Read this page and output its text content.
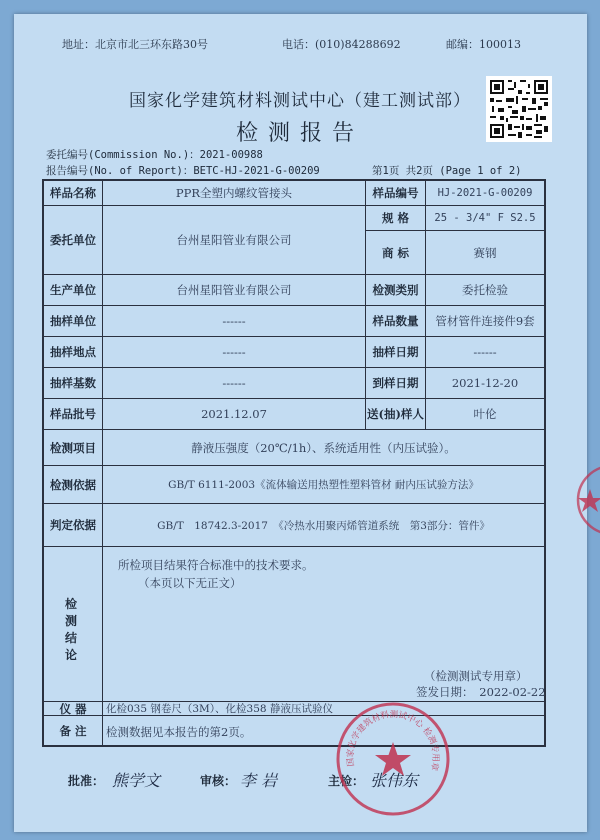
地址：北京市北三环东路30号	电话：(010)84288692	邮编：100013
国家化学建筑材料测试中心（建工测试部）
检测报告
委托编号(Commission No.)：2021-00988
报告编号(No. of Report)：BETC-HJ-2021-G-00209	第1页 共2页 (Page 1 of 2)
样品名称	PPR全塑内螺纹管接头	样品编号	HJ-2021-G-00209
委托单位	台州星阳管业有限公司
规 格	25 - 3/4" F S2.5
商 标	赛钢
生产单位	台州星阳管业有限公司	检测类别	委托检验
抽样单位	------	样品数量	管材管件连接件9套
抽样地点	------	抽样日期	------
抽样基数	------	到样日期	2021-12-20
样品批号	2021.12.07	送(抽)样人	叶伦
检测项目	静液压强度（20℃/1h）、系统适用性（内压试验）。
检测依据	GB/T 6111-2003《流体输送用热塑性塑料管材 耐内压试验方法》
判定依据	GB/T　18742.3-2017　《冷热水用聚丙烯管道系统　第3部分：管件》
检
测
结
论
所检项目结果符合标准中的技术要求。
（本页以下无正文）
（检测测试专用章）
签发日期：　2022-02-22
仪 器	化检035 钢卷尺（3M）、化检358 静液压试验仪
备 注	检测数据见本报告的第2页。
批准： 熊学文	审核： 李 岩	主检： 张伟东
国家化学建筑材料测试中心 检测专用章
